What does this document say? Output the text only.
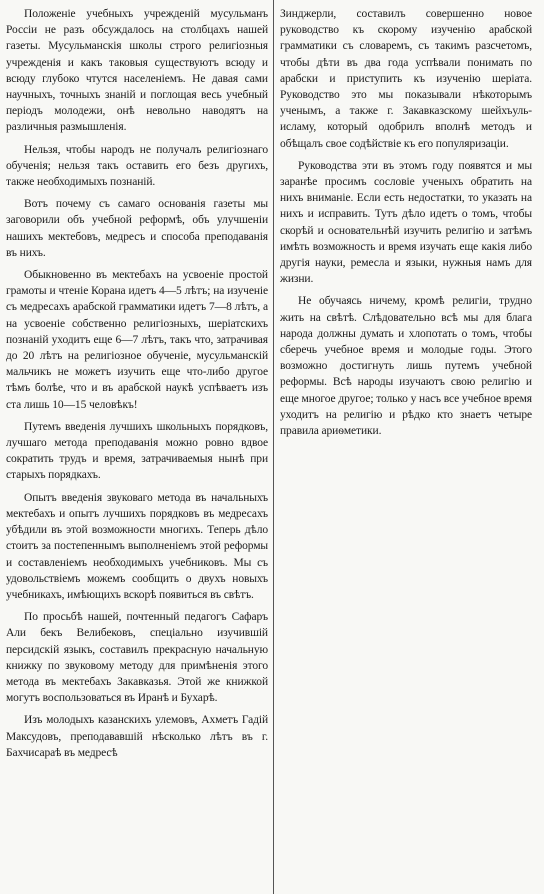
Положеніе учебныхъ учрежденій мусульманъ Россіи не разъ обсуждалось на столбцахъ нашей газеты. Мусульманскія школы строго религіозныя учрежденія и какъ таковыя существуютъ всюду и всюду глубоко чтутся населеніемъ. Не давая сами научныхъ, точныхъ знаній и поглощая весь учебный періодъ молодежи, онѣ невольно наводятъ на различныя размышленія.

Нельзя, чтобы народъ не получалъ религіознаго обученія; нельзя такъ оставить его безъ другихъ, также необходимыхъ познаній.

Вотъ почему съ самаго основанія газеты мы заговорили объ учебной реформѣ, объ улучшеніи нашихъ мектебовъ, медресъ и способа преподаванія въ нихъ.

Обыкновенно въ мектебахъ на усвоеніе простой грамоты и чтеніе Корана идетъ 4—5 лѣтъ; на изученіе съ медресахъ арабской грамматики идетъ 7—8 лѣтъ, а на усвоеніе собственно религіозныхъ, шеріатскихъ познаній уходитъ еще 6—7 лѣтъ, такъ что, затрачивая до 20 лѣтъ на религіозное обученіе, мусульманскій мальчикъ не можетъ изучить еще что-либо другое тѣмъ болѣе, что и въ арабской наукѣ успѣваетъ изъ ста лишь 10—15 человѣкъ!

Путемъ введенія лучшихъ школьныхъ порядковъ, лучшаго метода преподаванія можно ровно вдвое сократить трудъ и время, затрачиваемыя нынѣ при старыхъ порядкахъ.

Опытъ введенія звуковаго метода въ начальныхъ мектебахъ и опытъ лучшихъ порядковъ въ медресахъ убѣдили въ этой возможности многихъ. Теперь дѣло стоитъ за постепеннымъ выполненіемъ этой реформы и составленіемъ необходимыхъ учебниковъ. Мы съ удовольствіемъ можемъ сообщить о двухъ новыхъ учебникахъ, имѣющихъ вскорѣ появиться въ свѣтъ.

По просьбѣ нашей, почтенный педагогъ Сафаръ Али бекъ Велибековъ, спеціально изучившій персидскій языкъ, составилъ прекрасную начальную книжку по звуковому методу для примѣненія этого метода въ мектебахъ Закавказья. Этой же книжкой могутъ воспользоваться въ Иранѣ и Бухарѣ.

Изъ молодыхъ казанскихъ улемовъ, Ахметъ Гадій Максудовъ, преподававшій нѣсколько лѣтъ въ г. Бахчисараѣ въ медресѣ

Зинджерли, составилъ совершенно новое руководство къ скорому изученію арабской грамматики съ словаремъ, съ такимъ разсчетомъ, чтобы дѣти въ два года успѣвали понимать по арабски и приступить къ изученію шеріата. Руководство это мы показывали нѣкоторымъ ученымъ, а также г. Закавказскому шейхъуль-исламу, который одобрилъ вполнѣ методъ и обѣщалъ свое содѣйствіе къ его популяризаціи.

Руководства эти въ этомъ году появятся и мы заранѣе просимъ сословіе ученыхъ обратить на нихъ вниманіе. Если есть недостатки, то указать на нихъ и исправить. Тутъ дѣло идетъ о томъ, чтобы скорѣй и основательнѣй изучить религію и затѣмъ имѣть возможность и время изучать еще какія либо другія науки, ремесла и языки, нужныя намъ для жизни.

Не обучаясь ничему, кромѣ религіи, трудно жить на свѣтѣ. Слѣдовательно всѣ мы для блага народа должны думать и хлопотать о томъ, чтобы сберечь учебное время и молодые годы. Этого возможно достигнуть лишь путемъ учебной реформы. Всѣ народы изучаютъ свою религію и еще многое другое; только у насъ все учебное время уходитъ на религію и рѣдко кто знаетъ четыре правила ариѳметики.
